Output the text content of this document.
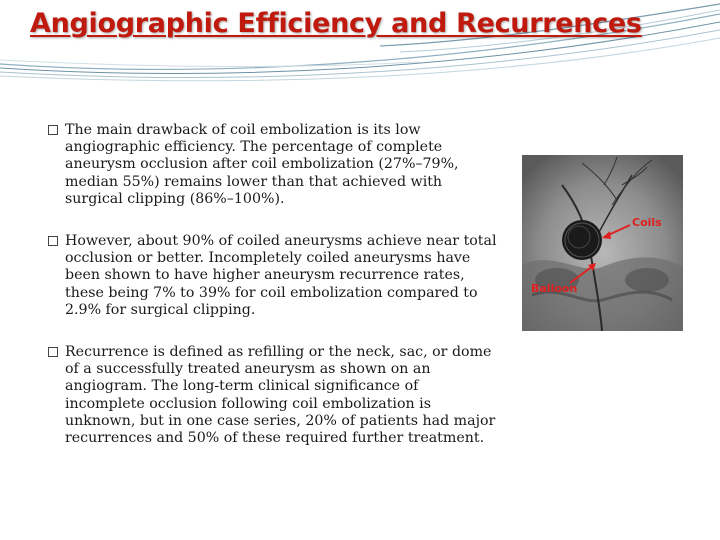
Angiographic Efficiency and Recurrences
The main drawback of coil embolization is its low angiographic efficiency. The percentage of complete aneurysm occlusion after coil embolization (27%–79%, median 55%) remains lower than that achieved with surgical clipping (86%–100%).
However, about 90% of coiled aneurysms achieve near total occlusion or better. Incompletely coiled aneurysms have been shown to have higher aneurysm recurrence rates, these being 7% to 39% for coil embolization compared to 2.9% for surgical clipping.
Recurrence is defined as refilling or the neck, sac, or dome of a successfully treated aneurysm as shown on an angiogram. The long-term clinical significance of incomplete occlusion following coil embolization is unknown, but in one case series, 20% of patients had major recurrences and 50% of these required further treatment.
Coils
Balloon
